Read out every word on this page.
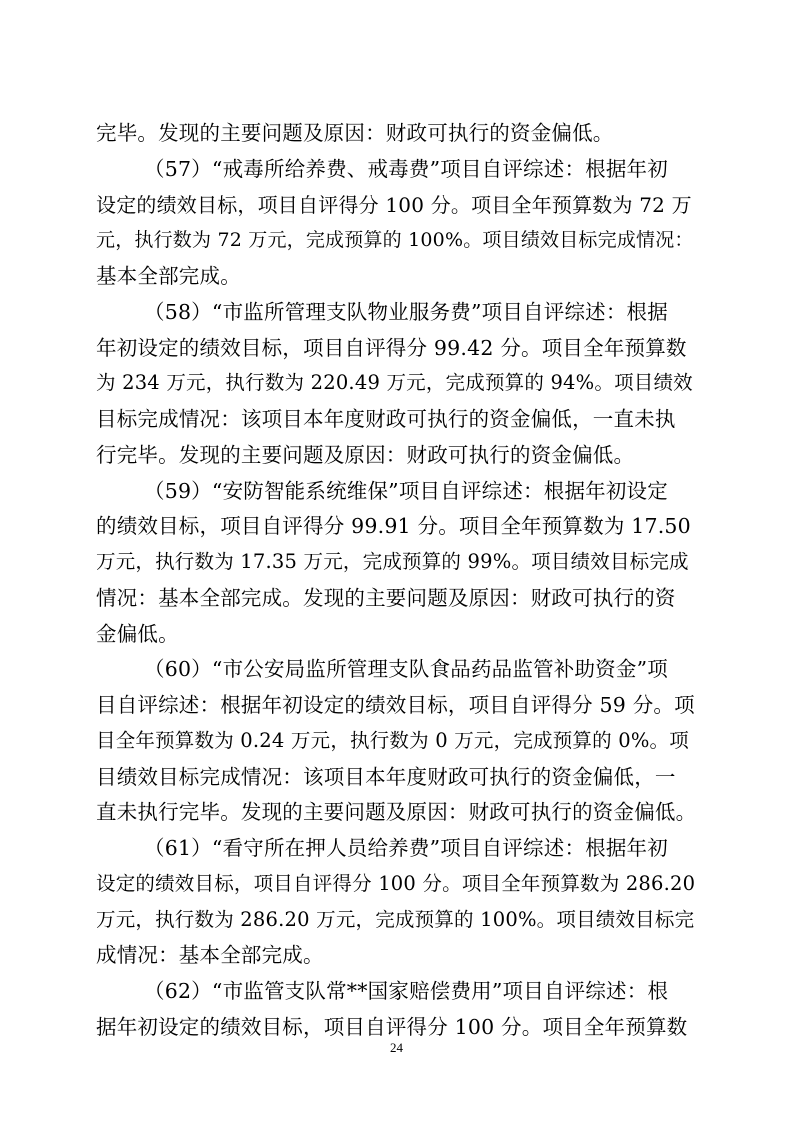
完毕。发现的主要问题及原因：财政可执行的资金偏低。
（57）“戒毒所给养费、戒毒费”项目自评综述：根据年初
设定的绩效目标，项目自评得分 100 分。项目全年预算数为 72 万
元，执行数为 72 万元，完成预算的 100%。项目绩效目标完成情况：
基本全部完成。
（58）“市监所管理支队物业服务费”项目自评综述：根据
年初设定的绩效目标，项目自评得分 99.42 分。项目全年预算数
为 234 万元，执行数为 220.49 万元，完成预算的 94%。项目绩效
目标完成情况：该项目本年度财政可执行的资金偏低，一直未执
行完毕。发现的主要问题及原因：财政可执行的资金偏低。
（59）“安防智能系统维保”项目自评综述：根据年初设定
的绩效目标，项目自评得分 99.91 分。项目全年预算数为 17.50
万元，执行数为 17.35 万元，完成预算的 99%。项目绩效目标完成
情况：基本全部完成。发现的主要问题及原因：财政可执行的资
金偏低。
（60）“市公安局监所管理支队食品药品监管补助资金”项
目自评综述：根据年初设定的绩效目标，项目自评得分 59 分。项
目全年预算数为 0.24 万元，执行数为 0 万元，完成预算的 0%。项
目绩效目标完成情况：该项目本年度财政可执行的资金偏低，一
直未执行完毕。发现的主要问题及原因：财政可执行的资金偏低。
（61）“看守所在押人员给养费”项目自评综述：根据年初
设定的绩效目标，项目自评得分 100 分。项目全年预算数为 286.20
万元，执行数为 286.20 万元，完成预算的 100%。项目绩效目标完
成情况：基本全部完成。
（62）“市监管支队常**国家赔偿费用”项目自评综述：根
据年初设定的绩效目标，项目自评得分 100 分。项目全年预算数
24
